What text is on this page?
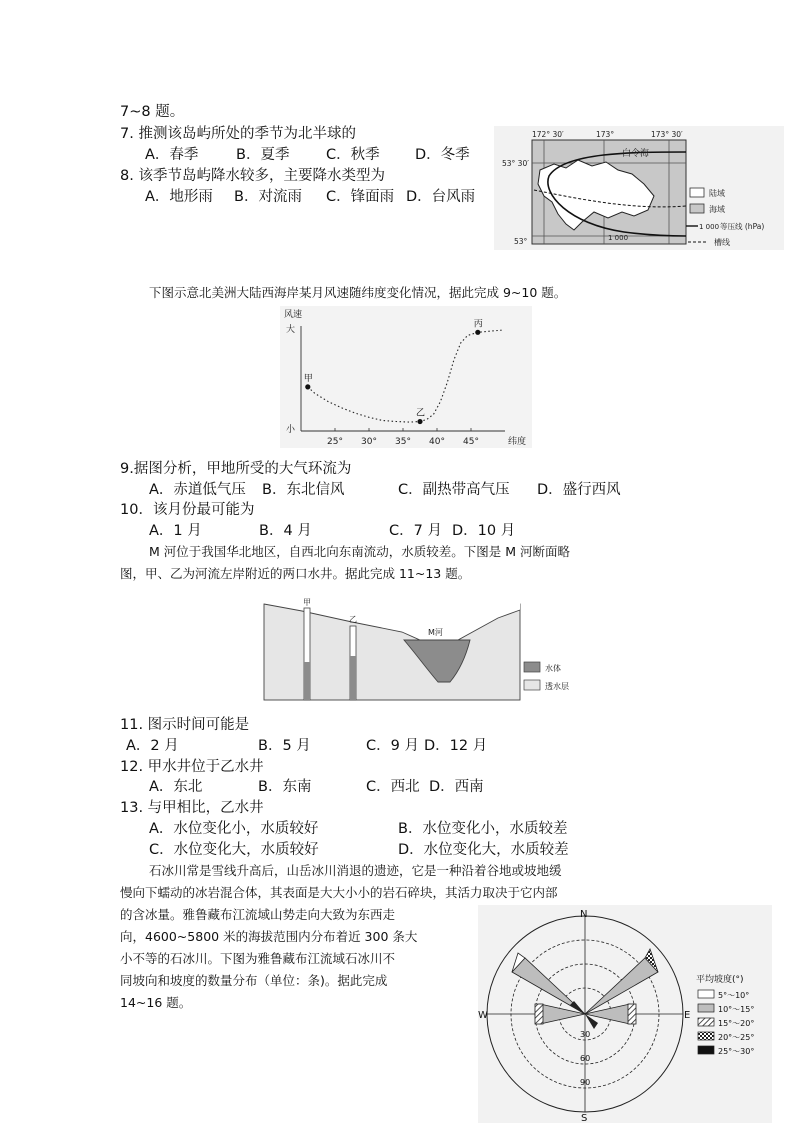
7~8 题。
7. 推测该岛屿所处的季节为北半球的
A．春季	B．夏季	C．秋季 D．冬季
8. 该季节岛屿降水较多，主要降水类型为
A．地形雨 B．对流雨 C．锋面雨 D．台风雨
172° 30′	173°	173° 30′
53° 30′
53°
白令海
1 000
陆域
海域
1 000 等压线 (hPa)
槽线
下图示意北美洲大陆西海岸某月风速随纬度变化情况，据此完成 9~10 题。
风速
大
小
纬度
25° 30° 35° 40° 45°
甲
乙
丙
9.据图分析，甲地所受的大气环流为
A．赤道低气压 B．东北信风	C．副热带高气压 D．盛行西风
10．该月份最可能为
A．1 月	B．4 月	C．7 月 D．10 月
M 河位于我国华北地区，自西北向东南流动，水质较差。下图是 M 河断面略
图，甲、乙为河流左岸附近的两口水井。据此完成 11~13 题。
M河
甲
乙
水体
透水层
11. 图示时间可能是
A．2 月	B．5 月	C．9 月 D．12 月
12. 甲水井位于乙水井
A．东北	B．东南	C．西北 D．西南
13. 与甲相比，乙水井
A．水位变化小，水质较好	B．水位变化小，水质较差
C．水位变化大，水质较好	D．水位变化大，水质较差
石冰川常是雪线升高后，山岳冰川消退的遗迹，它是一种沿着谷地或坡地缓
慢向下蠕动的冰岩混合体，其表面是大大小小的岩石碎块，其活力取决于它内部
的含冰量。雅鲁藏布江流域山势走向大致为东西走
向，4600~5800 米的海拔范围内分布着近 300 条大
小不等的石冰川。下图为雅鲁藏布江流域石冰川不
同坡向和坡度的数量分布（单位：条)。据此完成
14~16 题。
N
S
W	E
30
60
90
平均坡度(°)
5°～10°
10°～15°
15°～20°
20°～25°
25°～30°
